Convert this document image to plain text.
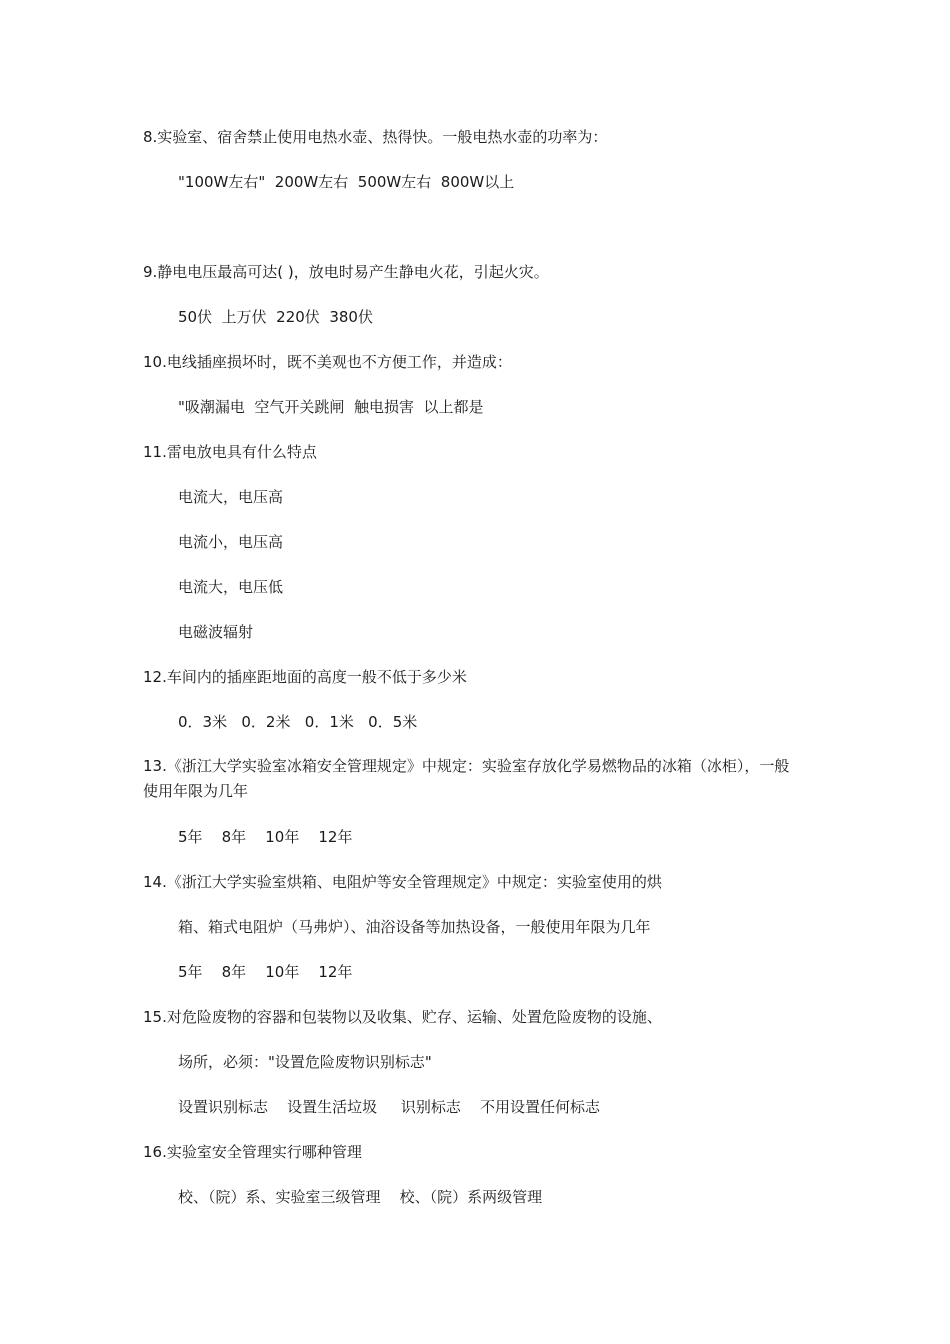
8.实验室、宿舍禁止使用电热水壶、热得快。一般电热水壶的功率为：
"100W左右"  200W左右  500W左右  800W以上
9.静电电压最高可达( )，放电时易产生静电火花，引起火灾。
50伏  上万伏  220伏  380伏
10.电线插座损坏时，既不美观也不方便工作，并造成：
"吸潮漏电  空气开关跳闸  触电损害  以上都是
11.雷电放电具有什么特点
电流大，电压高
电流小，电压高
电流大，电压低
电磁波辐射
12.车间内的插座距地面的高度一般不低于多少米
0．3米   0．2米   0．1米   0．5米
13.《浙江大学实验室冰箱安全管理规定》中规定：实验室存放化学易燃物品的冰箱（冰柜），一般使用年限为几年
5年    8年    10年    12年
14.《浙江大学实验室烘箱、电阻炉等安全管理规定》中规定：实验室使用的烘
箱、箱式电阻炉（马弗炉）、油浴设备等加热设备，一般使用年限为几年
5年    8年    10年    12年
15.对危险废物的容器和包装物以及收集、贮存、运输、处置危险废物的设施、
场所，必须："设置危险废物识别标志"
设置识别标志    设置生活垃圾     识别标志    不用设置任何标志
16.实验室安全管理实行哪种管理
校、（院）系、实验室三级管理    校、（院）系两级管理
